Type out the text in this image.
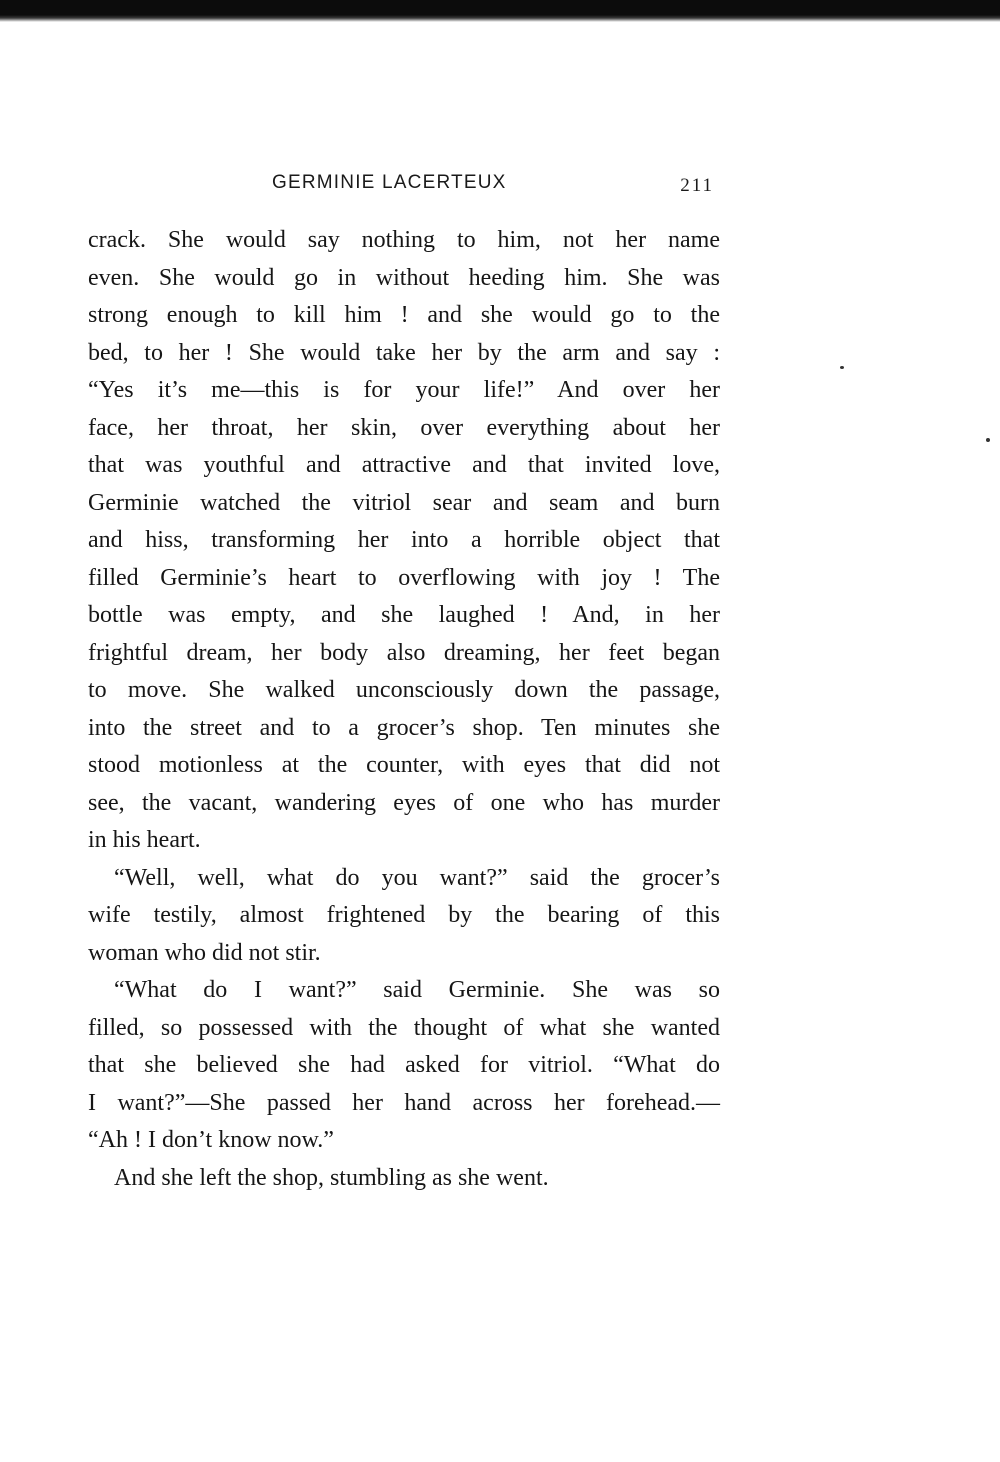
GERMINIE LACERTEUX	211
crack. She would say nothing to him, not her name
even. She would go in without heeding him. She was
strong enough to kill him ! and she would go to the
bed, to her ! She would take her by the arm and say :
“Yes it’s me—this is for your life!” And over her
face, her throat, her skin, over everything about her
that was youthful and attractive and that invited love,
Germinie watched the vitriol sear and seam and burn
and hiss, transforming her into a horrible object that
filled Germinie’s heart to overflowing with joy ! The
bottle was empty, and she laughed ! And, in her
frightful dream, her body also dreaming, her feet began
to move. She walked unconsciously down the passage,
into the street and to a grocer’s shop. Ten minutes she
stood motionless at the counter, with eyes that did not
see, the vacant, wandering eyes of one who has murder
in his heart.
“Well, well, what do you want?” said the grocer’s
wife testily, almost frightened by the bearing of this
woman who did not stir.
“What do I want?” said Germinie. She was so
filled, so possessed with the thought of what she wanted
that she believed she had asked for vitriol. “What do
I want?”—She passed her hand across her forehead.—
“Ah ! I don’t know now.”
And she left the shop, stumbling as she went.
